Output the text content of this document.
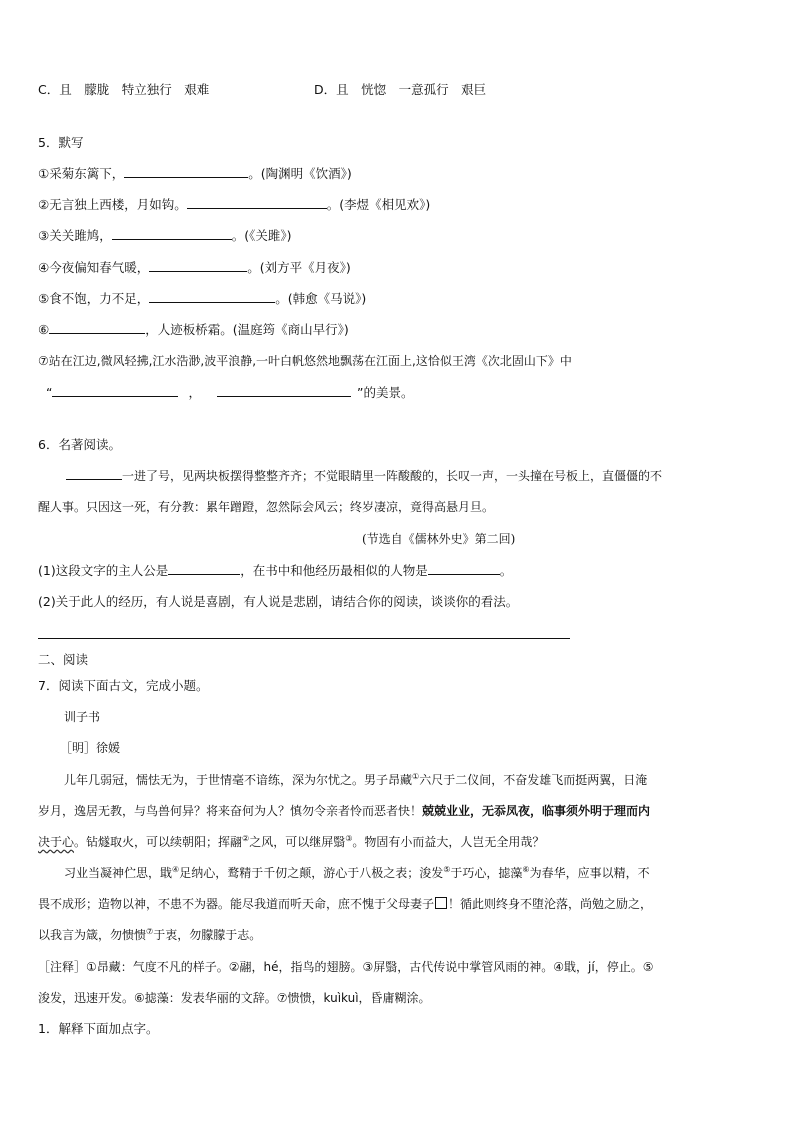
C．且　朦胧　特立独行　艰难	D．且　恍惚　一意孤行　艰巨
5．默写
①采菊东篱下，	。(陶渊明《饮酒》)
②无言独上西楼，月如钩。	。(李煜《相见欢》)
③关关雎鸠，	。(《关雎》)
④今夜偏知春气暖，	。(刘方平《月夜》)
⑤食不饱，力不足，	。(韩愈《马说》)
⑥	，人迹板桥霜。(温庭筠《商山早行》)
⑦站在江边,微风轻拂,江水浩渺,波平浪静,一叶白帆悠然地飘荡在江面上,这恰似王湾《次北固山下》中
“	，	”的美景。
6．名著阅读。
一进了号，见两块板摆得整整齐齐；不觉眼睛里一阵酸酸的，长叹一声，一头撞在号板上，直僵僵的不
醒人事。只因这一死，有分教：累年蹭蹬，忽然际会风云；终岁凄凉，竟得高悬月旦。
(节选自《儒林外史》第二回)
(1)这段文字的主人公是	，在书中和他经历最相似的人物是	。
(2)关于此人的经历，有人说是喜剧，有人说是悲剧，请结合你的阅读，谈谈你的看法。
二、阅读
7．阅读下面古文，完成小题。
训子书
［明］徐媛
儿年几弱冠，懦怯无为，于世情毫不谙练，深为尔忧之。男子昂藏①六尺于二仪间，不奋发雄飞而挺两翼，日淹
岁月，逸居无教，与鸟兽何异？将来奋何为人？慎勿令亲者怜而恶者快！兢兢业业，无忝凤夜，临事须外明于理而内
决于心。钻燧取火，可以续朝阳；挥翮②之风，可以继屏翳③。物固有小而益大，人岂无全用哉？
习业当凝神伫思，戢④足纳心，鹜精于千仞之颠，游心于八极之表；浚发⑤于巧心，摅藻⑥为春华，应事以精，不
畏不成形；造物以神，不患不为器。能尽我道而听天命，庶不愧于父母妻子 ！循此则终身不堕沦落，尚勉之励之，
以我言为箴，勿愦愦⑦于衷，勿朦朦于志。
［注释］①昂藏：气度不凡的样子。②翮，hé，指鸟的翅膀。③屏翳，古代传说中掌管风雨的神。④戢，jí，停止。⑤
浚发，迅速开发。⑥摅藻：发表华丽的文辞。⑦愦愦，kuìkuì，昏庸糊涂。
1．解释下面加点字。
